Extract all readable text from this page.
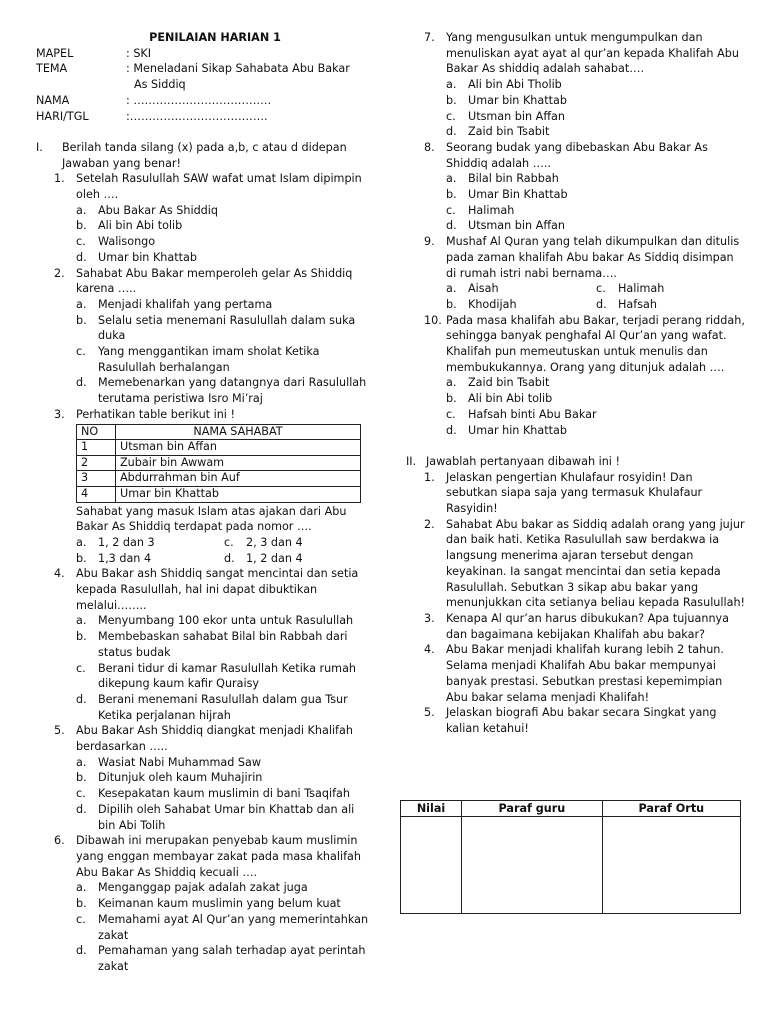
PENILAIAN HARIAN 1
MAPEL	: SKI
TEMA	: Meneladani Sikap Sahabata Abu Bakar
As Siddiq
NAMA	: ……………………………….
HARI/TGL	:……………………………….
I.	Berilah tanda silang (x) pada a,b, c atau d didepan Jawaban yang benar!
1.	Setelah Rasulullah SAW wafat umat Islam dipimpin oleh ….
a.	Abu Bakar As Shiddiq
b.	Ali bin Abi tolib
c.	Walisongo
d.	Umar bin Khattab
2.	Sahabat Abu Bakar memperoleh gelar As Shiddiq karena …..
a.	Menjadi khalifah yang pertama
b.	Selalu setia menemani Rasulullah dalam suka duka
c.	Yang menggantikan imam sholat Ketika Rasulullah berhalangan
d.	Memebenarkan yang datangnya dari Rasulullah terutama peristiwa Isro Mi’raj
3.	Perhatikan table berikut ini !
NO	NAMA SAHABAT
1	Utsman bin Affan
2	Zubair bin Awwam
3	Abdurrahman bin Auf
4	Umar bin Khattab
Sahabat yang masuk Islam atas ajakan dari Abu Bakar As Shiddiq terdapat pada nomor ….
a.	1, 2 dan 3	c.	2, 3 dan 4
b.	1,3 dan 4	d.	1, 2 dan 4
4.	Abu Bakar ash Shiddiq sangat mencintai dan setia kepada Rasulullah, hal ini dapat dibuktikan melalui……..
a.	Menyumbang 100 ekor unta untuk Rasulullah
b.	Membebaskan sahabat Bilal bin Rabbah dari status budak
c.	Berani tidur di kamar Rasulullah Ketika rumah dikepung kaum kafir Quraisy
d.	Berani menemani Rasulullah dalam gua Tsur Ketika perjalanan hijrah
5.	Abu Bakar Ash Shiddiq diangkat menjadi Khalifah berdasarkan …..
a.	Wasiat Nabi Muhammad Saw
b.	Ditunjuk oleh kaum Muhajirin
c.	Kesepakatan kaum muslimin di bani Tsaqifah
d.	Dipilih oleh Sahabat Umar bin Khattab dan ali bin Abi Tolih
6.	Dibawah ini merupakan penyebab kaum muslimin yang enggan membayar zakat pada masa khalifah Abu Bakar As Shiddiq kecuali ….
a.	Menganggap pajak adalah zakat juga
b.	Keimanan kaum muslimin yang belum kuat
c.	Memahami ayat Al Qur’an yang memerintahkan zakat
d.	Pemahaman yang salah terhadap ayat perintah zakat
7.	Yang mengusulkan untuk mengumpulkan dan menuliskan ayat ayat al qur’an kepada Khalifah Abu Bakar As shiddiq adalah sahabat….
a.	Ali bin Abi Tholib
b.	Umar bin Khattab
c.	Utsman bin Affan
d.	Zaid bin Tsabit
8.	Seorang budak yang dibebaskan Abu Bakar As Shiddiq adalah …..
a.	Bilal bin Rabbah
b.	Umar Bin Khattab
c.	Halimah
d.	Utsman bin Affan
9.	Mushaf Al Quran yang telah dikumpulkan dan ditulis pada zaman khalifah Abu bakar As Siddiq disimpan di rumah istri nabi bernama….
a.	Aisah	c.	Halimah
b.	Khodijah	d.	Hafsah
10. Pada masa khalifah abu Bakar, terjadi perang riddah, sehingga banyak penghafal Al Qur’an yang wafat. Khalifah pun memeutuskan untuk menulis dan membukukannya. Orang yang ditunjuk adalah ….
a.	Zaid bin Tsabit
b.	Ali bin Abi tolib
c.	Hafsah binti Abu Bakar
d.	Umar hin Khattab
II. Jawablah pertanyaan dibawah ini !
1.	Jelaskan pengertian Khulafaur rosyidin! Dan sebutkan siapa saja yang termasuk Khulafaur Rasyidin!
2.	Sahabat Abu bakar as Siddiq adalah orang yang jujur dan baik hati. Ketika Rasulullah saw berdakwa ia langsung menerima ajaran tersebut dengan keyakinan. Ia sangat mencintai dan setia kepada Rasulullah. Sebutkan 3 sikap abu bakar yang menunjukkan cita setianya beliau kepada Rasulullah!
3.	Kenapa Al qur’an harus dibukukan? Apa tujuannya dan bagaimana kebijakan Khalifah abu bakar?
4.	Abu Bakar menjadi khalifah kurang lebih 2 tahun. Selama menjadi Khalifah Abu bakar mempunyai banyak prestasi. Sebutkan prestasi kepemimpian Abu bakar selama menjadi Khalifah!
5.	Jelaskan biografi Abu bakar secara Singkat yang kalian ketahui!
Nilai	Paraf guru	Paraf Ortu
